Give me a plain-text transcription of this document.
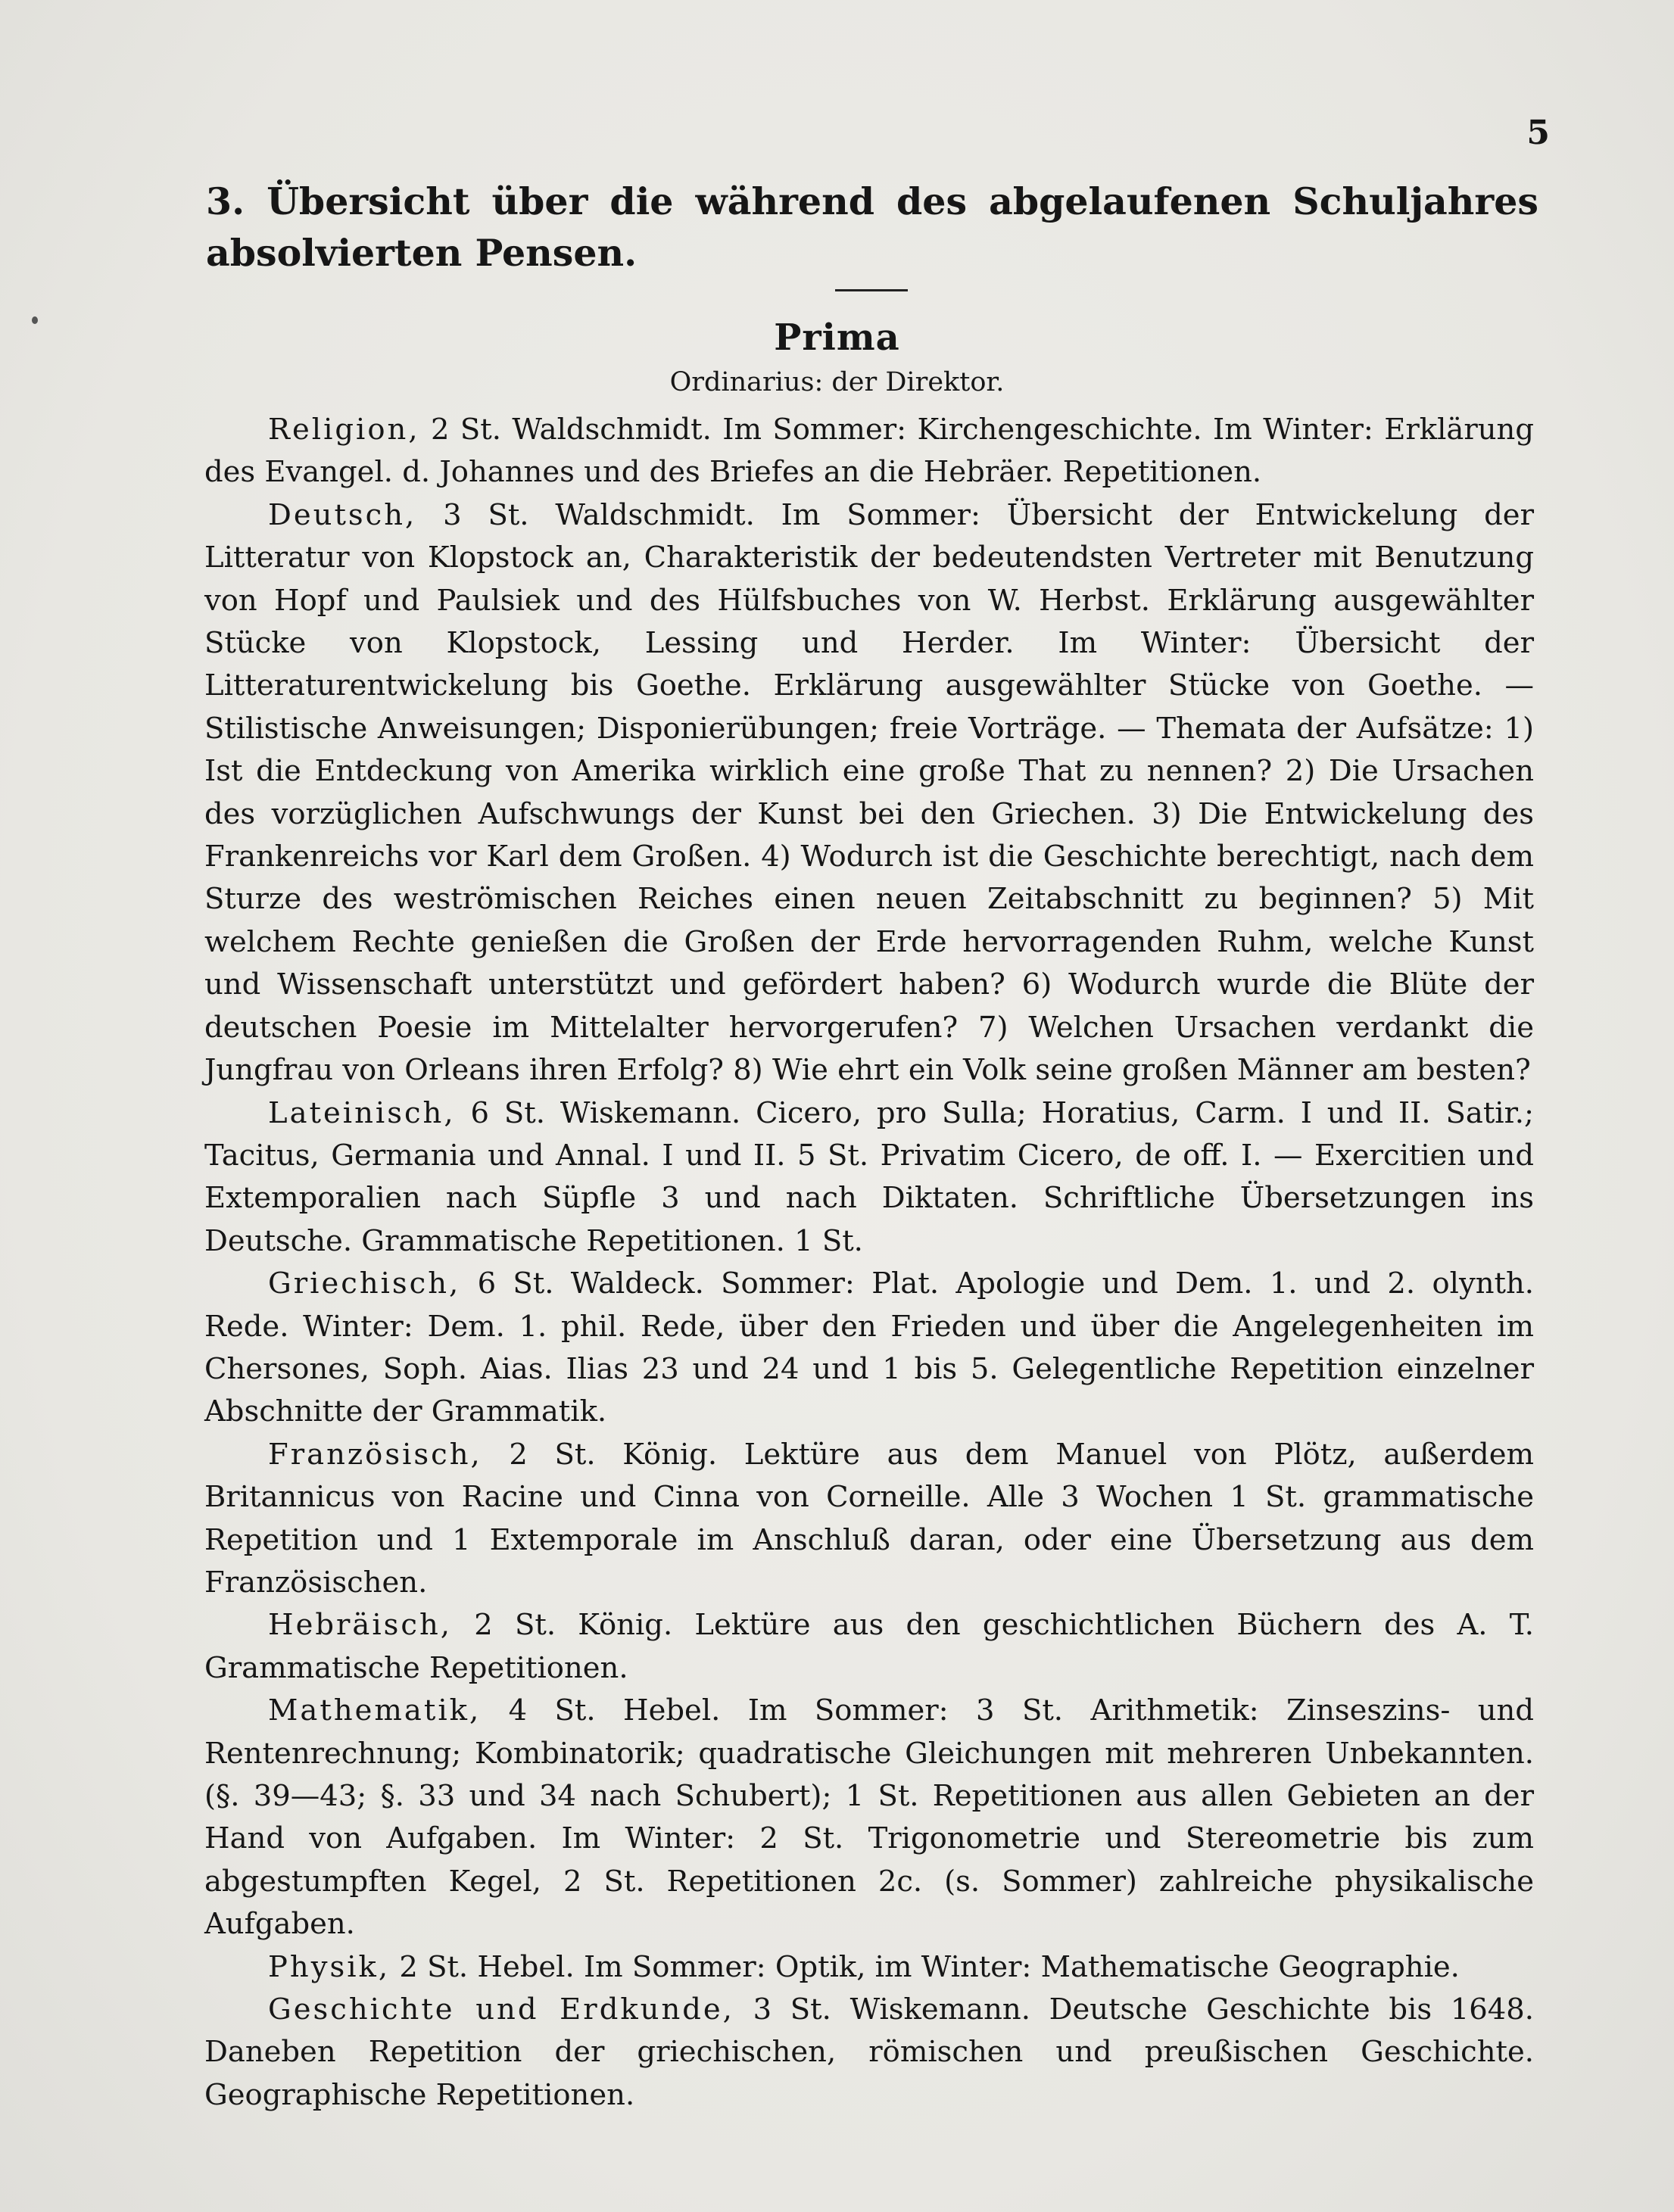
5
3. Übersicht über die während des abgelaufenen Schuljahres absolvierten Pensen.
Prima
Ordinarius: der Direktor.

Religion, 2 St. Waldschmidt. Im Sommer: Kirchengeschichte. Im Winter: Erklärung des Evangel. d. Johannes und des Briefes an die Hebräer. Repetitionen.

Deutsch, 3 St. Waldschmidt. Im Sommer: Übersicht der Entwickelung der Litteratur von Klopstock an, Charakteristik der bedeutendsten Vertreter mit Benutzung von Hopf und Paulsiek und des Hülfsbuches von W. Herbst. Erklärung ausgewählter Stücke von Klopstock, Lessing und Herder. Im Winter: Übersicht der Litteraturentwickelung bis Goethe. Erklärung ausgewählter Stücke von Goethe. — Stilistische Anweisungen; Disponierübungen; freie Vorträge. — Themata der Aufsätze: 1) Ist die Entdeckung von Amerika wirklich eine große That zu nennen? 2) Die Ursachen des vorzüglichen Aufschwungs der Kunst bei den Griechen. 3) Die Entwickelung des Frankenreichs vor Karl dem Großen. 4) Wodurch ist die Geschichte berechtigt, nach dem Sturze des weströmischen Reiches einen neuen Zeitabschnitt zu beginnen? 5) Mit welchem Rechte genießen die Großen der Erde hervorragenden Ruhm, welche Kunst und Wissenschaft unterstützt und gefördert haben? 6) Wodurch wurde die Blüte der deutschen Poesie im Mittelalter hervorgerufen? 7) Welchen Ursachen verdankt die Jungfrau von Orleans ihren Erfolg? 8) Wie ehrt ein Volk seine großen Männer am besten?

Lateinisch, 6 St. Wiskemann. Cicero, pro Sulla; Horatius, Carm. I und II. Satir.; Tacitus, Germania und Annal. I und II. 5 St. Privatim Cicero, de off. I. — Exercitien und Extemporalien nach Süpfle 3 und nach Diktaten. Schriftliche Übersetzungen ins Deutsche. Grammatische Repetitionen. 1 St.

Griechisch, 6 St. Waldeck. Sommer: Plat. Apologie und Dem. 1. und 2. olynth. Rede. Winter: Dem. 1. phil. Rede, über den Frieden und über die Angelegenheiten im Chersones, Soph. Aias. Ilias 23 und 24 und 1 bis 5. Gelegentliche Repetition einzelner Abschnitte der Grammatik.

Französisch, 2 St. König. Lektüre aus dem Manuel von Plötz, außerdem Britannicus von Racine und Cinna von Corneille. Alle 3 Wochen 1 St. grammatische Repetition und 1 Extemporale im Anschluß daran, oder eine Übersetzung aus dem Französischen.

Hebräisch, 2 St. König. Lektüre aus den geschichtlichen Büchern des A. T. Grammatische Repetitionen.

Mathematik, 4 St. Hebel. Im Sommer: 3 St. Arithmetik: Zinseszins- und Rentenrechnung; Kombinatorik; quadratische Gleichungen mit mehreren Unbekannten. (§. 39—43; §. 33 und 34 nach Schubert); 1 St. Repetitionen aus allen Gebieten an der Hand von Aufgaben. Im Winter: 2 St. Trigonometrie und Stereometrie bis zum abgestumpften Kegel, 2 St. Repetitionen 2c. (s. Sommer) zahlreiche physikalische Aufgaben.

Physik, 2 St. Hebel. Im Sommer: Optik, im Winter: Mathematische Geographie.

Geschichte und Erdkunde, 3 St. Wiskemann. Deutsche Geschichte bis 1648. Daneben Repetition der griechischen, römischen und preußischen Geschichte. Geographische Repetitionen.
